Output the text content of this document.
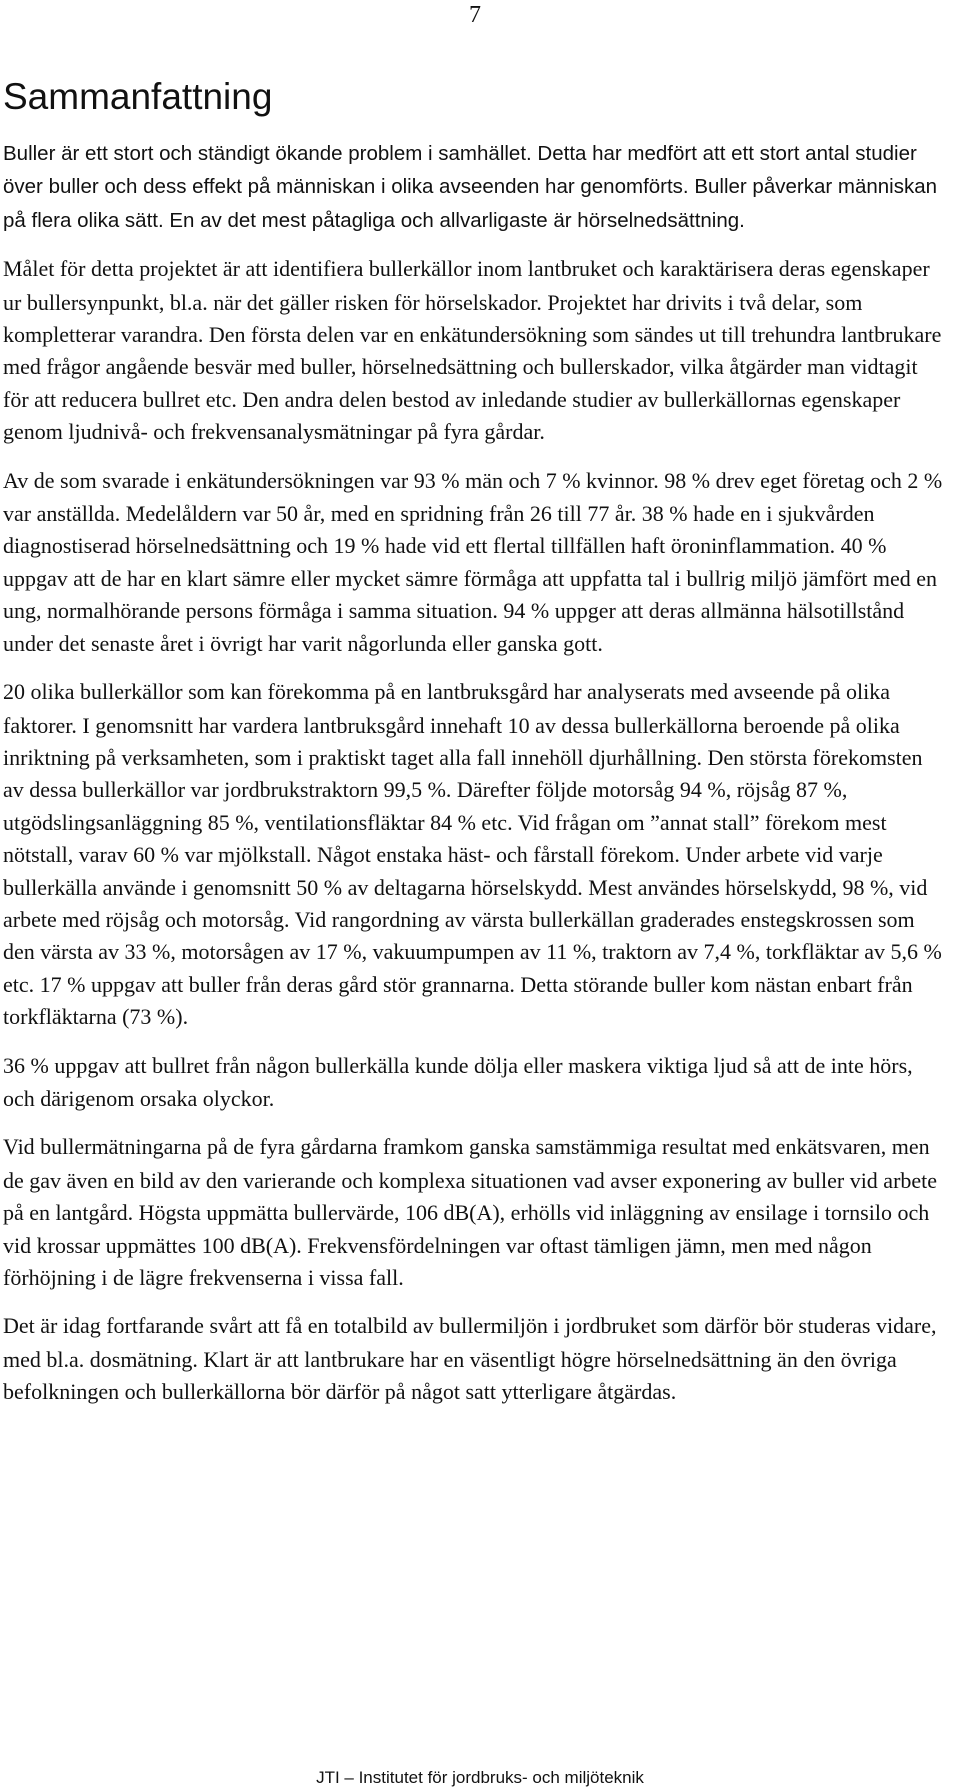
7
Sammanfattning

Buller är ett stort och ständigt ökande problem i samhället. Detta har medfört att ett stort antal studier över buller och dess effekt på människan i olika avseenden har genomförts. Buller påverkar människan på flera olika sätt. En av det mest påtagliga och allvarligaste är hörselnedsättning.

Målet för detta projektet är att identifiera bullerkällor inom lantbruket och karaktärisera deras egenskaper ur bullersynpunkt, bl.a. när det gäller risken för hörselskador. Projektet har drivits i två delar, som kompletterar varandra. Den första delen var en enkätundersökning som sändes ut till trehundra lantbrukare med frågor angående besvär med buller, hörselnedsättning och bullerskador, vilka åtgärder man vidtagit för att reducera bullret etc. Den andra delen bestod av inledande studier av bullerkällornas egenskaper genom ljudnivå- och frekvensanalysmätningar på fyra gårdar.

Av de som svarade i enkätundersökningen var 93 % män och 7 % kvinnor. 98 % drev eget företag och 2 % var anställda. Medelåldern var 50 år, med en spridning från 26 till 77 år. 38 % hade en i sjukvården diagnostiserad hörselnedsättning och 19 % hade vid ett flertal tillfällen haft öroninflammation. 40 % uppgav att de har en klart sämre eller mycket sämre förmåga att uppfatta tal i bullrig miljö jämfört med en ung, normalhörande persons förmåga i samma situation. 94 % uppger att deras allmänna hälsotillstånd under det senaste året i övrigt har varit någorlunda eller ganska gott.

20 olika bullerkällor som kan förekomma på en lantbruksgård har analyserats med avseende på olika faktorer. I genomsnitt har vardera lantbruksgård innehaft 10 av dessa bullerkällorna beroende på olika inriktning på verksamheten, som i praktiskt taget alla fall innehöll djurhållning. Den största förekomsten av dessa bullerkällor var jordbrukstraktorn 99,5 %. Därefter följde motorsåg 94 %, röjsåg 87 %, utgödslingsanläggning 85 %, ventilationsfläktar 84 % etc. Vid frågan om ”annat stall” förekom mest nötstall, varav 60 % var mjölkstall. Något enstaka häst- och fårstall förekom. Under arbete vid varje bullerkälla använde i genomsnitt 50 % av deltagarna hörselskydd. Mest användes hörselskydd, 98 %, vid arbete med röjsåg och motorsåg. Vid rangordning av värsta bullerkällan graderades enstegskrossen som den värsta av 33 %, motorsågen av 17 %, vakuumpumpen av 11 %, traktorn av 7,4 %, torkfläktar av 5,6 % etc. 17 % uppgav att buller från deras gård stör grannarna. Detta störande buller kom nästan enbart från torkfläktarna (73 %).

36 % uppgav att bullret från någon bullerkälla kunde dölja eller maskera viktiga ljud så att de inte hörs, och därigenom orsaka olyckor.

Vid bullermätningarna på de fyra gårdarna framkom ganska samstämmiga resultat med enkätsvaren, men de gav även en bild av den varierande och komplexa situationen vad avser exponering av buller vid arbete på en lantgård. Högsta uppmätta bullervärde, 106 dB(A), erhölls vid inläggning av ensilage i tornsilo och vid krossar uppmättes 100 dB(A). Frekvensfördelningen var oftast tämligen jämn, men med någon förhöjning i de lägre frekvenserna i vissa fall.

Det är idag fortfarande svårt att få en totalbild av bullermiljön i jordbruket som därför bör studeras vidare, med bl.a. dosmätning. Klart är att lantbrukare har en väsentligt högre hörselnedsättning än den övriga befolkningen och bullerkällorna bör därför på något satt ytterligare åtgärdas.

JTI – Institutet för jordbruks- och miljöteknik
